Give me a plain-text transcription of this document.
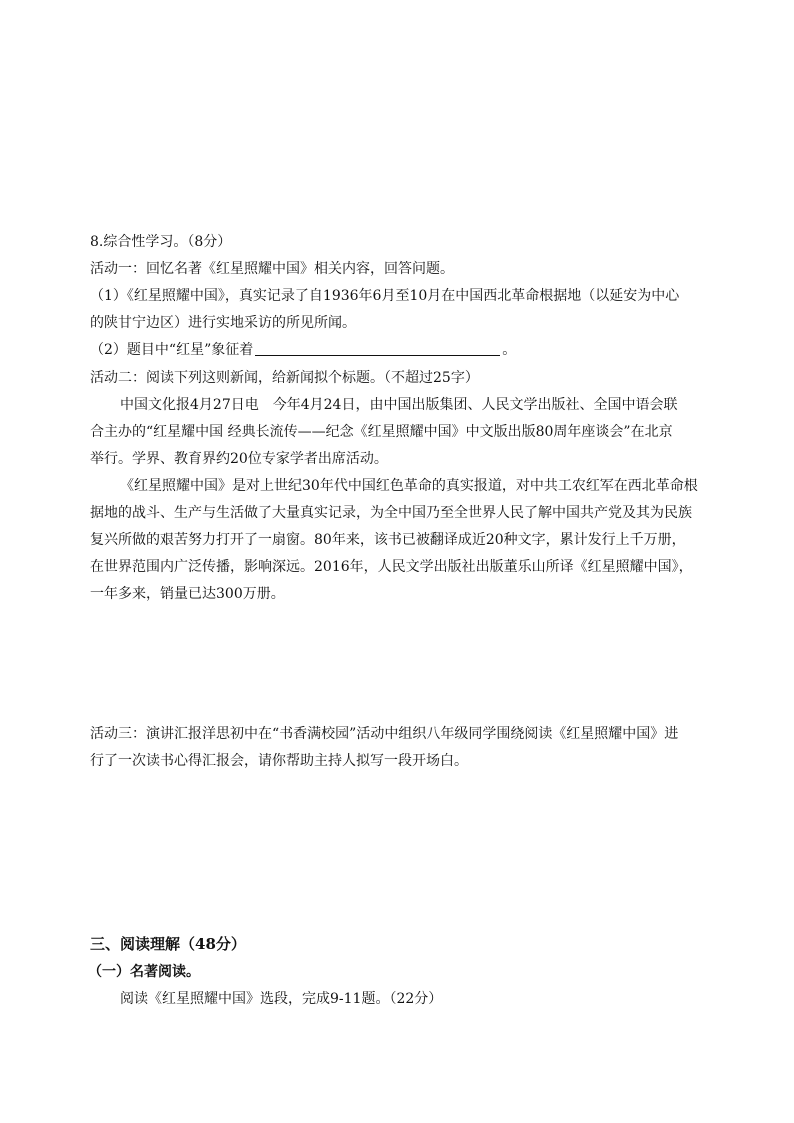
8.综合性学习。（8分）
活动一：回忆名著《红星照耀中国》相关内容，回答问题。
（1）《红星照耀中国》，真实记录了自1936年6月至10月在中国西北革命根据地（以延安为中心
的陕甘宁边区）进行实地采访的所见所闻。
（2）题目中“红星”象征着	。
活动二：阅读下列这则新闻，给新闻拟个标题。（不超过25字）
中国文化报4月27日电　今年4月24日，由中国出版集团、人民文学出版社、全国中语会联
合主办的“红星耀中国 经典长流传——纪念《红星照耀中国》中文版出版80周年座谈会”在北京
举行。学界、教育界约20位专家学者出席活动。
《红星照耀中国》是对上世纪30年代中国红色革命的真实报道，对中共工农红军在西北革命根
据地的战斗、生产与生活做了大量真实记录，为全中国乃至全世界人民了解中国共产党及其为民族
复兴所做的艰苦努力打开了一扇窗。80年来，该书已被翻译成近20种文字，累计发行上千万册，
在世界范围内广泛传播，影响深远。2016年，人民文学出版社出版董乐山所译《红星照耀中国》，
一年多来，销量已达300万册。
活动三：演讲汇报洋思初中在“书香满校园”活动中组织八年级同学围绕阅读《红星照耀中国》进
行了一次读书心得汇报会，请你帮助主持人拟写一段开场白。
三、阅读理解（48分）
（一）名著阅读。
阅读《红星照耀中国》选段，完成9-11题。（22分）
